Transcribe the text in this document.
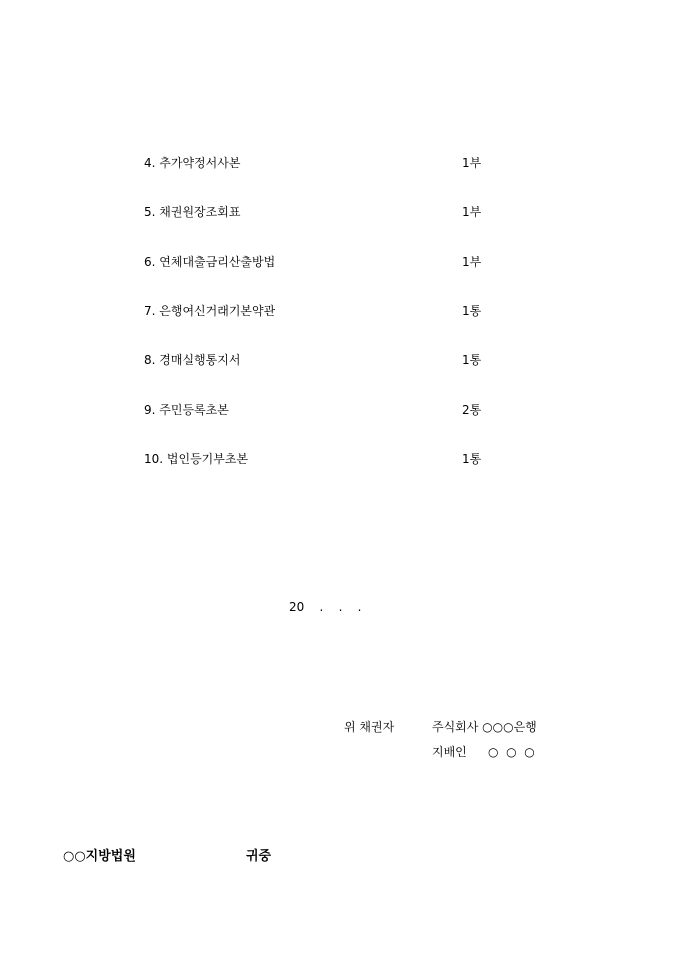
4. 추가약정서사본	1부
5. 채권원장조회표	1부
6. 연체대출금리산출방법	1부
7. 은행여신거래기본약관	1통
8. 경매실행통지서	1통
9. 주민등록초본	2통
10. 법인등기부초본	1통
20    .    .    .
위 채권자	주식회사 ○○○은행
지배인 ○  ○  ○
○○지방법원	귀중
